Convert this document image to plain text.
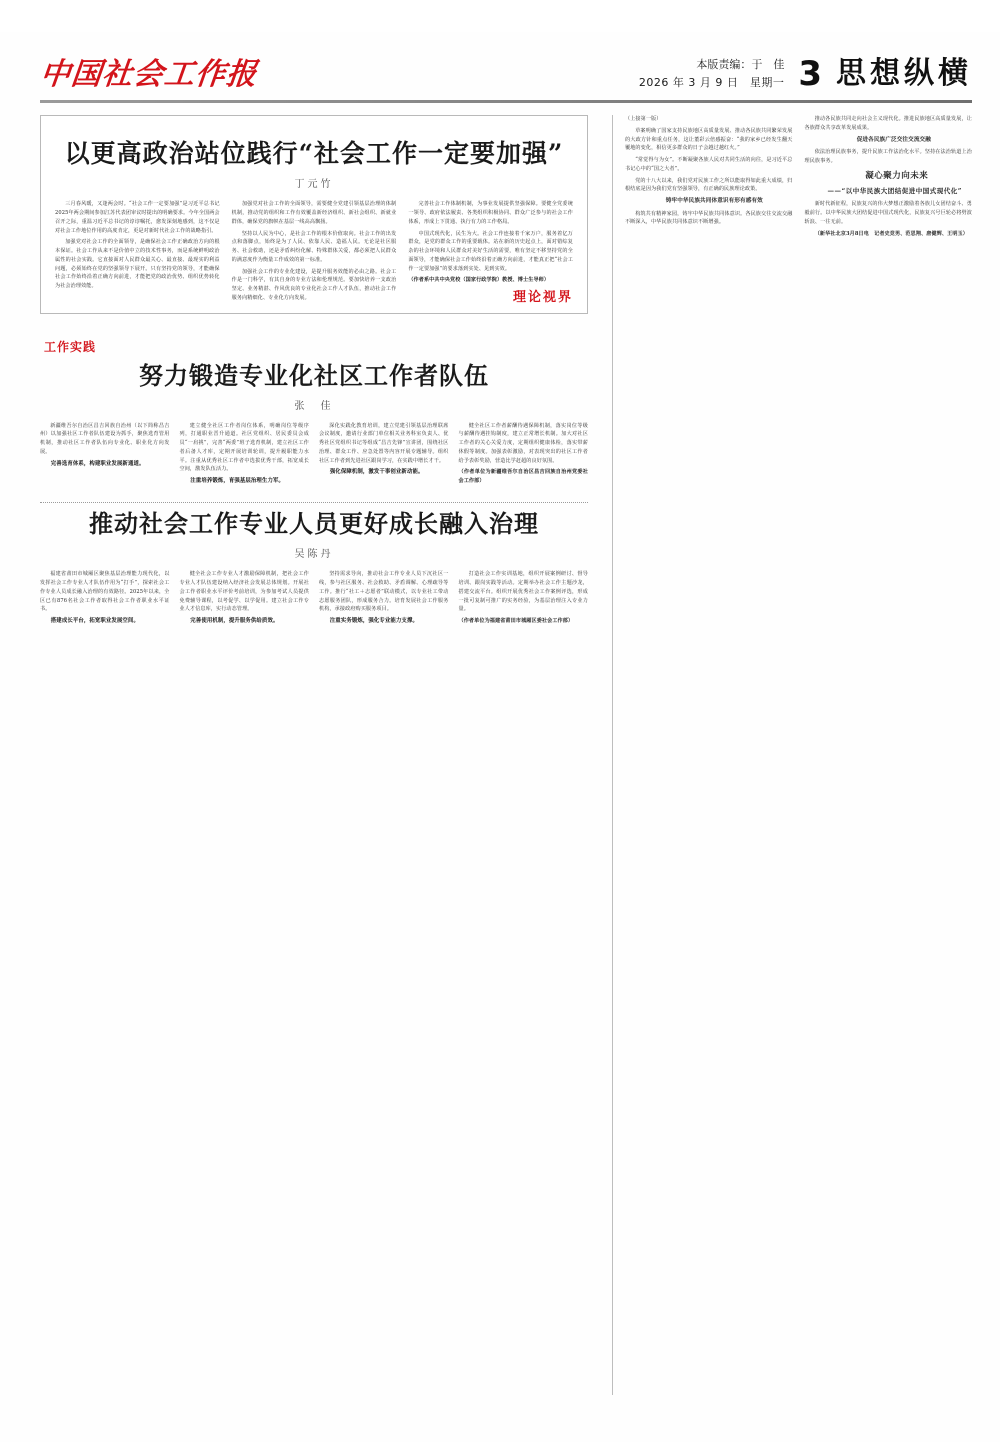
中国社会工作报	本版责编：于　佳
2026 年 3 月 9 日　星期一 3 思想纵横
以更高政治站位践行“社会工作一定要加强”
丁元竹

三月春风暖，又逢两会时。“社会工作一定要加强”是习近平总书记2025年两会期间参加江苏代表团审议时提出的明确要求。今年全国两会召开之际，重温习近平总书记的谆谆嘱托，愈发深刻地感到，这不仅是对社会工作地位作用的高度肯定，更是对新时代社会工作的战略指引。

加强党对社会工作的全面领导，是确保社会工作正确政治方向的根本保证。社会工作从来不是价值中立的技术性事务，而是系统鲜明政治属性的社会实践。它直接面对人民群众最关心、最直接、最现实的利益问题，必须始终在党的坚强领导下展开。只有坚持党的领导，才能确保社会工作始终沿着正确方向前进，才能把党的政治优势、组织优势转化为社会治理效能。

加强党对社会工作的全面领导，需要健全党建引领基层治理的体制机制，推动党的组织和工作有效覆盖新经济组织、新社会组织、新就业群体，确保党的旗帜在基层一线高高飘扬。

坚持以人民为中心，是社会工作的根本价值取向。社会工作的出发点和落脚点，始终是为了人民、依靠人民、造福人民。无论是社区服务、社会救助，还是矛盾纠纷化解、特殊群体关爱，都必须把人民群众的满意度作为衡量工作成效的第一标准。

加强社会工作的专业化建设，是提升服务效能的必由之路。社会工作是一门科学，有其自身的专业方法和伦理规范。要加快培养一支政治坚定、业务精湛、作风优良的专业化社会工作人才队伍，推动社会工作服务向精细化、专业化方向发展。

完善社会工作体制机制，为事业发展提供坚强保障。要健全党委统一领导、政府依法履责、各类组织积极协同、群众广泛参与的社会工作体系，形成上下贯通、执行有力的工作格局。

中国式现代化，民生为大。社会工作连接着千家万户，服务着亿万群众，是党的群众工作的重要载体。站在新的历史起点上，面对错综复杂的社会环境和人民群众对美好生活的需要，唯有坚定不移坚持党的全面领导，才能确保社会工作始终沿着正确方向前进，才能真正把“社会工作一定要加强”的要求落到实处、见到实效。

（作者系中共中央党校（国家行政学院）教授、博士生导师）

理论视界
工作实践
努力锻造专业化社区工作者队伍
张　佳

新疆维吾尔自治区昌吉回族自治州（以下简称昌吉州）以加强社区工作者队伍建设为抓手，聚焦选育管用机制，推动社区工作者队伍向专业化、职业化方向发展。

完善选育体系，构建职业发展新通道。

建立健全社区工作者岗位体系，明确岗位等级序列，打通职业晋升通道。社区党组织、居民委员会成员“一肩挑”，完善“两委”班子选育机制，建立社区工作者后备人才库，定期开展培训轮训，提升履职能力水平。注重从优秀社区工作者中选拔优秀干部，拓宽成长空间，激发队伍活力。

注重培养锻炼，育强基层治理生力军。

深化实践化教育培训，建立党建引领基层治理联席会议制度，邀请行业部门单位相关业务科室负责人、优秀社区党组织书记等组成“昌吉先锋”宣讲团，围绕社区治理、群众工作、应急处置等内容开展专题辅导。组织社区工作者到先进社区跟岗学习，在实践中增长才干。

强化保障机制，激发干事创业新动能。

健全社区工作者薪酬待遇保障机制，落实岗位等级与薪酬待遇挂钩制度，建立正常增长机制。加大对社区工作者的关心关爱力度，定期组织健康体检，落实带薪休假等制度。加强表彰激励，对表现突出的社区工作者给予表彰奖励，营造比学赶超的良好氛围。

（作者单位为新疆维吾尔自治区昌吉回族自治州党委社会工作部）

推动社会工作专业人员更好成长融入治理
吴陈丹

福建省莆田市城厢区聚焦基层治理能力现代化，以发挥社会工作专业人才队伍作用为“打手”，探索社会工作专业人员成长融入治理的有效路径。2025年以来，全区已有876名社会工作者取得社会工作者职业水平证书。

搭建成长平台，拓宽职业发展空间。

健全社会工作专业人才激励保障机制，把社会工作专业人才队伍建设纳入经济社会发展总体规划。开展社会工作者职业水平评价考前培训，为参加考试人员提供免费辅导课程，以考促学、以学促用。建立社会工作专业人才信息库，实行动态管理。

完善使用机制，提升服务供给质效。

坚持需求导向，推动社会工作专业人员下沉社区一线，参与社区服务、社会救助、矛盾调解、心理疏导等工作。推行“社工＋志愿者”联动模式，以专业社工带动志愿服务团队，形成服务合力。培育发展社会工作服务机构，承接政府购买服务项目。

注重实务锻炼，强化专业能力支撑。

打造社会工作实训基地，组织开展案例研讨、督导培训、跟岗实践等活动。定期举办社会工作主题沙龙，搭建交流平台。组织开展优秀社会工作案例评选，形成一批可复制可推广的实务经验，为基层治理注入专业力量。

（作者单位为福建省莆田市城厢区委社会工作部）

（上接第一版）

草案明确了国家支持民族地区高质量发展、推动各民族共同繁荣发展的大政方针和重点任务，这让董彩云倍感振奋：“我的家乡已经发生翻天覆地的变化，相信更多群众的日子会越过越红火。”

“常觉得与为女”。不断凝聚各族人民对共同生活的向往，是习近平总书记心中的“国之大者”。

党的十八大以来，我们党对民族工作之所以能取得如此重大成绩，归根结底是因为我们党有坚强领导，有正确的民族理论政策。

铸牢中华民族共同体意识有形有感有效

构筑共有精神家园，铸牢中华民族共同体意识。各民族交往交流交融不断深入，中华民族共同体意识不断增强。

推动各民族共同走向社会主义现代化。推进民族地区高质量发展，让各族群众共享改革发展成果。

促进各民族广泛交往交流交融

依法治理民族事务，提升民族工作法治化水平。坚持在法治轨道上治理民族事务。

凝心聚力向未来

——“以中华民族大团结促进中国式现代化”

新时代新征程，民族复兴的伟大梦想正激励着各族儿女团结奋斗、勇毅前行。以中华民族大团结促进中国式现代化，民族复兴号巨轮必将劈波斩浪、一往无前。

（新华社北京3月8日电　记者史竞男、范思翔、唐健辉、王明玉）
